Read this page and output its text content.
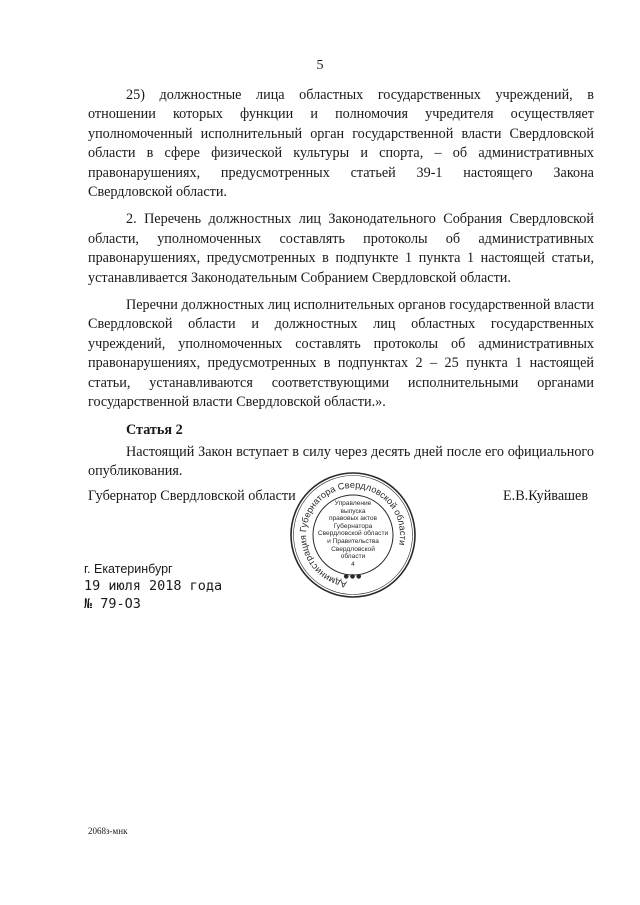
5

25) должностные лица областных государственных учреждений, в отношении которых функции и полномочия учредителя осуществляет уполномоченный исполнительный орган государственной власти Свердловской области в сфере физической культуры и спорта, – об административных правонарушениях, предусмотренных статьей 39-1 настоящего Закона Свердловской области.

2. Перечень должностных лиц Законодательного Собрания Свердловской области, уполномоченных составлять протоколы об административных правонарушениях, предусмотренных в подпункте 1 пункта 1 настоящей статьи, устанавливается Законодательным Собранием Свердловской области.

Перечни должностных лиц исполнительных органов государственной власти Свердловской области и должностных лиц областных государственных учреждений, уполномоченных составлять протоколы об административных правонарушениях, предусмотренных в подпунктах 2 – 25 пункта 1 настоящей статьи, устанавливаются соответствующими исполнительными органами государственной власти Свердловской области.».

Статья 2

Настоящий Закон вступает в силу через десять дней после его официального опубликования.

Губернатор Свердловской области	Е.В.Куйвашев
Администрация Губернатора Свердловской области
Управление
выпуска
правовых актов
Губернатора
Свердловской области
и Правительства
Свердловской
области
4
●●●
г. Екатеринбург
19 июля 2018 года
№ 79-ОЗ
2068з-мнк
